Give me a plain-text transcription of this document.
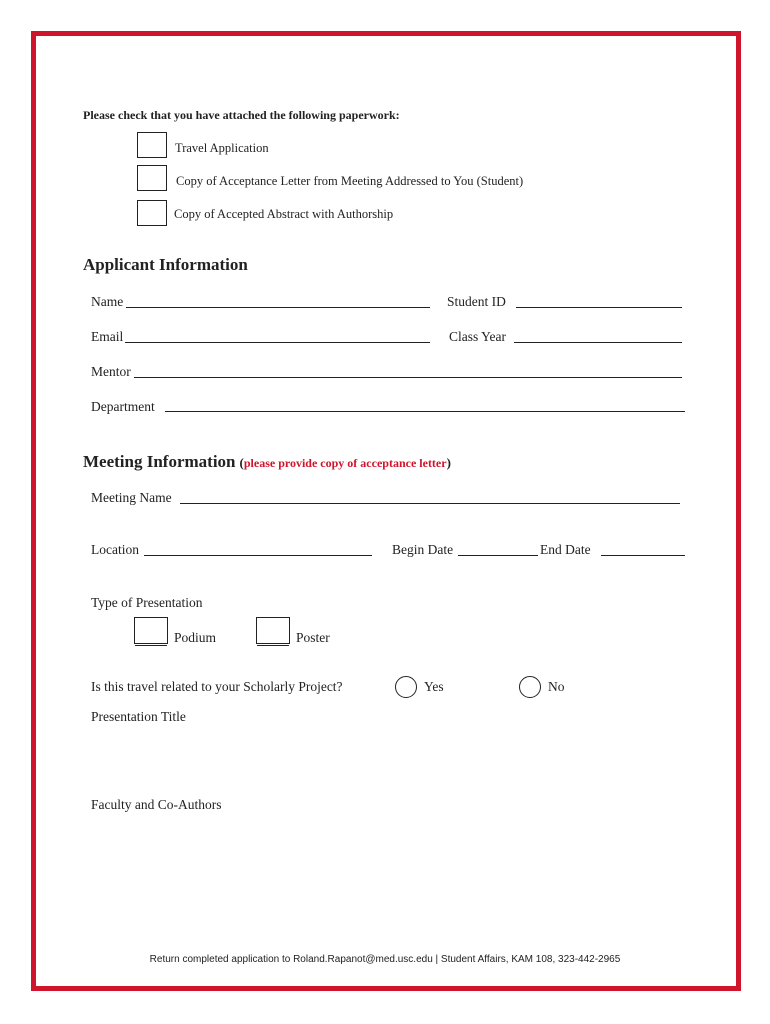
Please check that you have attached the following paperwork:
Travel Application
Copy of Acceptance Letter from Meeting Addressed to You (Student)
Copy of Accepted Abstract with Authorship
Applicant Information
Name	Student ID
Email	Class Year
Mentor
Department
Meeting Information (please provide copy of acceptance letter)
Meeting Name
Location	Begin Date	End Date
Type of Presentation
Podium	Poster
Is this travel related to your Scholarly Project?	Yes	No
Presentation Title
Faculty and Co-Authors
Return completed application to Roland.Rapanot@med.usc.edu | Student Affairs, KAM 108, 323-442-2965
